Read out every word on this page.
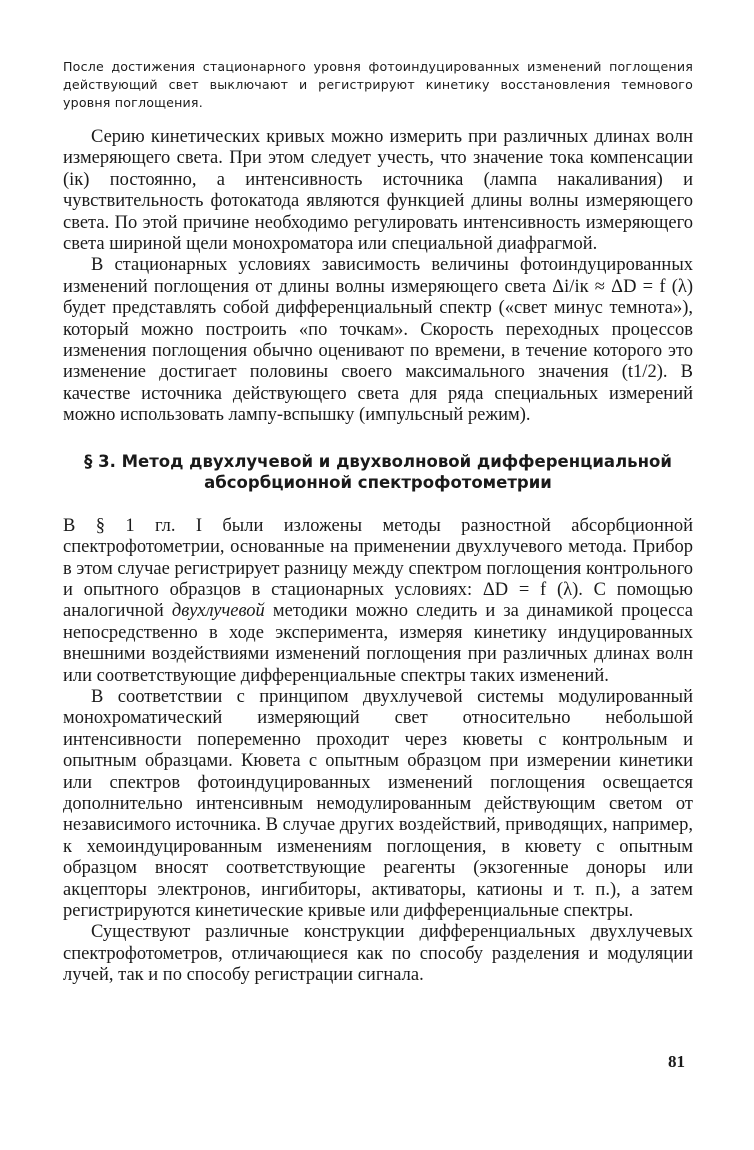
После достижения стационарного уровня фотоиндуцированных изменений поглощения действующий свет выключают и регистрируют кинетику восстановления темнового уровня поглощения.

Серию кинетических кривых можно измерить при различных длинах волн измеряющего света. При этом следует учесть, что значение тока компенсации (iк) постоянно, а интенсивность источника (лампа накаливания) и чувствительность фотокатода являются функцией длины волны измеряющего света. По этой причине необходимо регулировать интенсивность измеряющего света шириной щели монохроматора или специальной диафрагмой.

В стационарных условиях зависимость величины фотоиндуцированных изменений поглощения от длины волны измеряющего света Δi/iк ≈ ΔD = f (λ) будет представлять собой дифференциальный спектр («свет минус темнота»), который можно построить «по точкам». Скорость переходных процессов изменения поглощения обычно оценивают по времени, в течение которого это изменение достигает половины своего максимального значения (t1/2). В качестве источника действующего света для ряда специальных измерений можно использовать лампу-вспышку (импульсный режим).

§ 3. Метод двухлучевой и двухволновой дифференциальной
абсорбционной спектрофотометрии

В § 1 гл. I были изложены методы разностной абсорбционной спектрофотометрии, основанные на применении двухлучевого метода. Прибор в этом случае регистрирует разницу между спектром поглощения контрольного и опытного образцов в стационарных условиях: ΔD = f (λ). С помощью аналогичной двухлучевой методики можно следить и за динамикой процесса непосредственно в ходе эксперимента, измеряя кинетику индуцированных внешними воздействиями изменений поглощения при различных длинах волн или соответствующие дифференциальные спектры таких изменений.

В соответствии с принципом двухлучевой системы модулированный монохроматический измеряющий свет относительно небольшой интенсивности попеременно проходит через кюветы с контрольным и опытным образцами. Кювета с опытным образцом при измерении кинетики или спектров фотоиндуцированных изменений поглощения освещается дополнительно интенсивным немодулированным действующим светом от независимого источника. В случае других воздействий, приводящих, например, к хемоиндуцированным изменениям поглощения, в кювету с опытным образцом вносят соответствующие реагенты (экзогенные доноры или акцепторы электронов, ингибиторы, активаторы, катионы и т. п.), а затем регистрируются кинетические кривые или дифференциальные спектры.

Существуют различные конструкции дифференциальных двухлучевых спектрофотометров, отличающиеся как по способу разделения и модуляции лучей, так и по способу регистрации сигнала.

81
